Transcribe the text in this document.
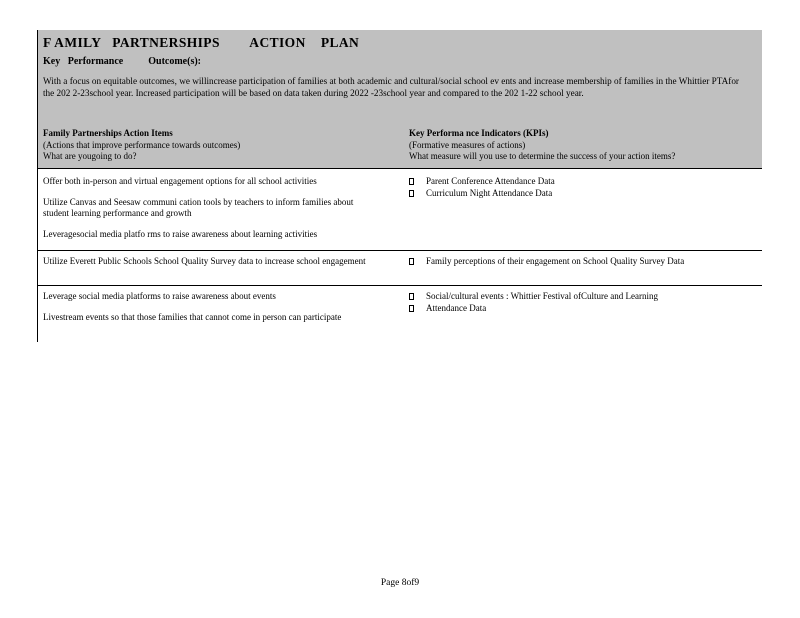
F AMILY   PARTNERSHIPS        ACTION    PLAN
Key   Performance          Outcome(s):
With a focus on equitable outcomes, we willincrease participation of families at both academic and cultural/social school ev ents and increase membership of families in the Whittier PTAfor the 202 2-23school year. Increased participation will be based on data taken during 2022 -23school year and compared to the 202 1-22 school year.
Family Partnerships Action Items
(Actions that improve performance towards outcomes)
What are yougoing to do?
Key Performa nce Indicators (KPIs)
(Formative measures of actions)
What measure will you use to determine the success of your action items?

Offer both in-person and virtual engagement options for all school activities

Utilize Canvas and Seesaw communi cation tools by teachers to inform families about student learning performance and growth

Leveragesocial media platfo rms to raise awareness about learning activities

Parent Conference Attendance Data
Curriculum Night Attendance Data

Utilize Everett Public Schools School Quality Survey data to increase school engagement	Family perceptions of their engagement on School Quality Survey Data

Leverage social media platforms to raise awareness about events

Livestream events so that those families that cannot come in person can participate

Social/cultural events : Whittier Festival ofCulture and Learning
Attendance Data
Page 8of9
